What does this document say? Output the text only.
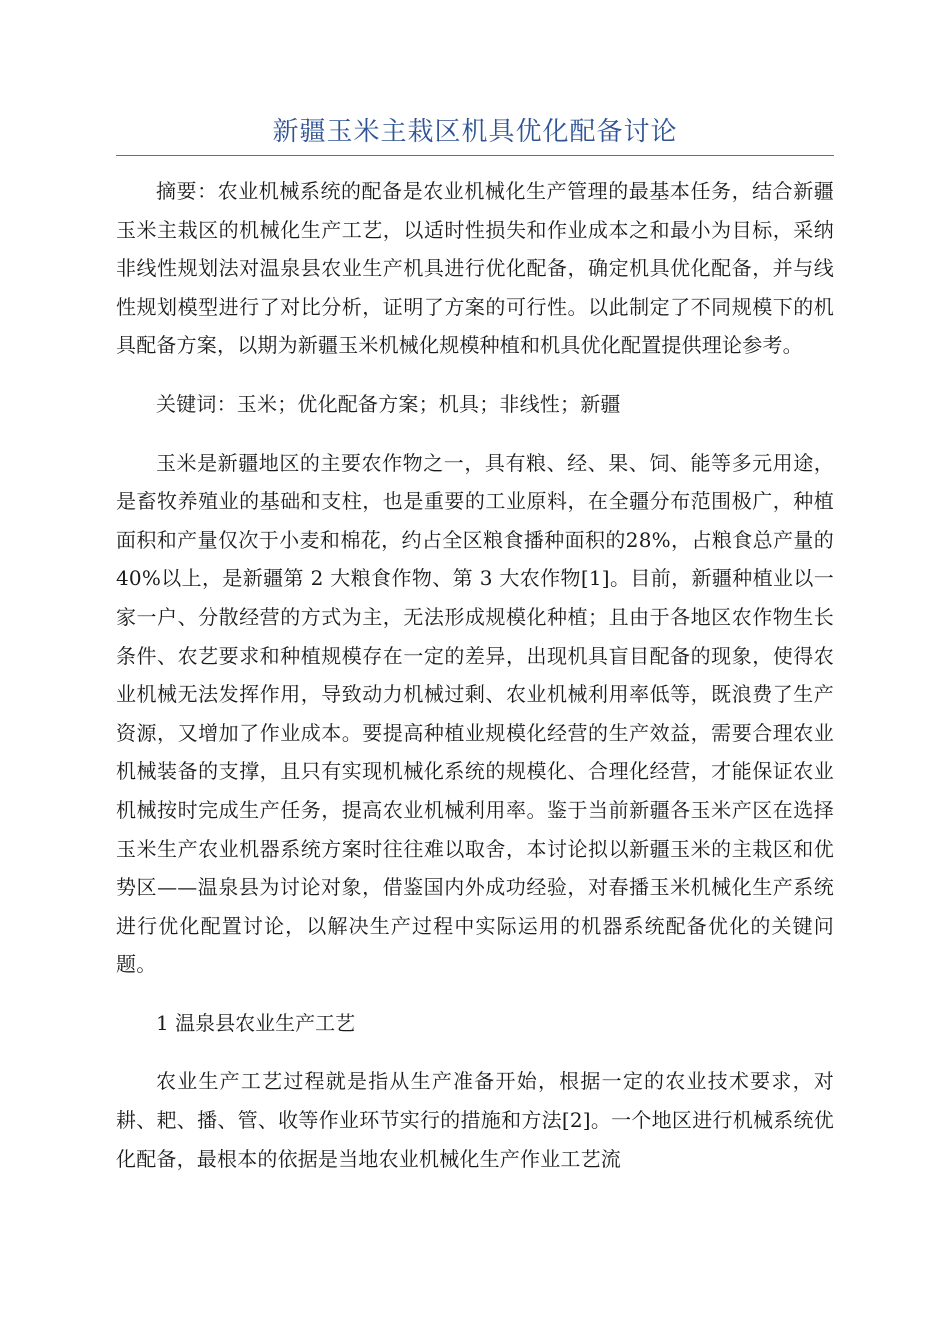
新疆玉米主栽区机具优化配备讨论

摘要：农业机械系统的配备是农业机械化生产管理的最基本任务，结合新疆玉米主栽区的机械化生产工艺，以适时性损失和作业成本之和最小为目标，采纳非线性规划法对温泉县农业生产机具进行优化配备，确定机具优化配备，并与线性规划模型进行了对比分析，证明了方案的可行性。以此制定了不同规模下的机具配备方案，以期为新疆玉米机械化规模种植和机具优化配置提供理论参考。

关键词：玉米；优化配备方案；机具；非线性；新疆

玉米是新疆地区的主要农作物之一，具有粮、经、果、饲、能等多元用途，是畜牧养殖业的基础和支柱，也是重要的工业原料，在全疆分布范围极广，种植面积和产量仅次于小麦和棉花，约占全区粮食播种面积的28%，占粮食总产量的40%以上，是新疆第 2 大粮食作物、第 3 大农作物[1]。目前，新疆种植业以一家一户、分散经营的方式为主，无法形成规模化种植；且由于各地区农作物生长条件、农艺要求和种植规模存在一定的差异，出现机具盲目配备的现象，使得农业机械无法发挥作用，导致动力机械过剩、农业机械利用率低等，既浪费了生产资源，又增加了作业成本。要提高种植业规模化经营的生产效益，需要合理农业机械装备的支撑，且只有实现机械化系统的规模化、合理化经营，才能保证农业机械按时完成生产任务，提高农业机械利用率。鉴于当前新疆各玉米产区在选择玉米生产农业机器系统方案时往往难以取舍，本讨论拟以新疆玉米的主栽区和优势区——温泉县为讨论对象，借鉴国内外成功经验，对春播玉米机械化生产系统进行优化配置讨论，以解决生产过程中实际运用的机器系统配备优化的关键问题。

1 温泉县农业生产工艺

农业生产工艺过程就是指从生产准备开始，根据一定的农业技术要求，对耕、耙、播、管、收等作业环节实行的措施和方法[2]。一个地区进行机械系统优化配备，最根本的依据是当地农业机械化生产作业工艺流
